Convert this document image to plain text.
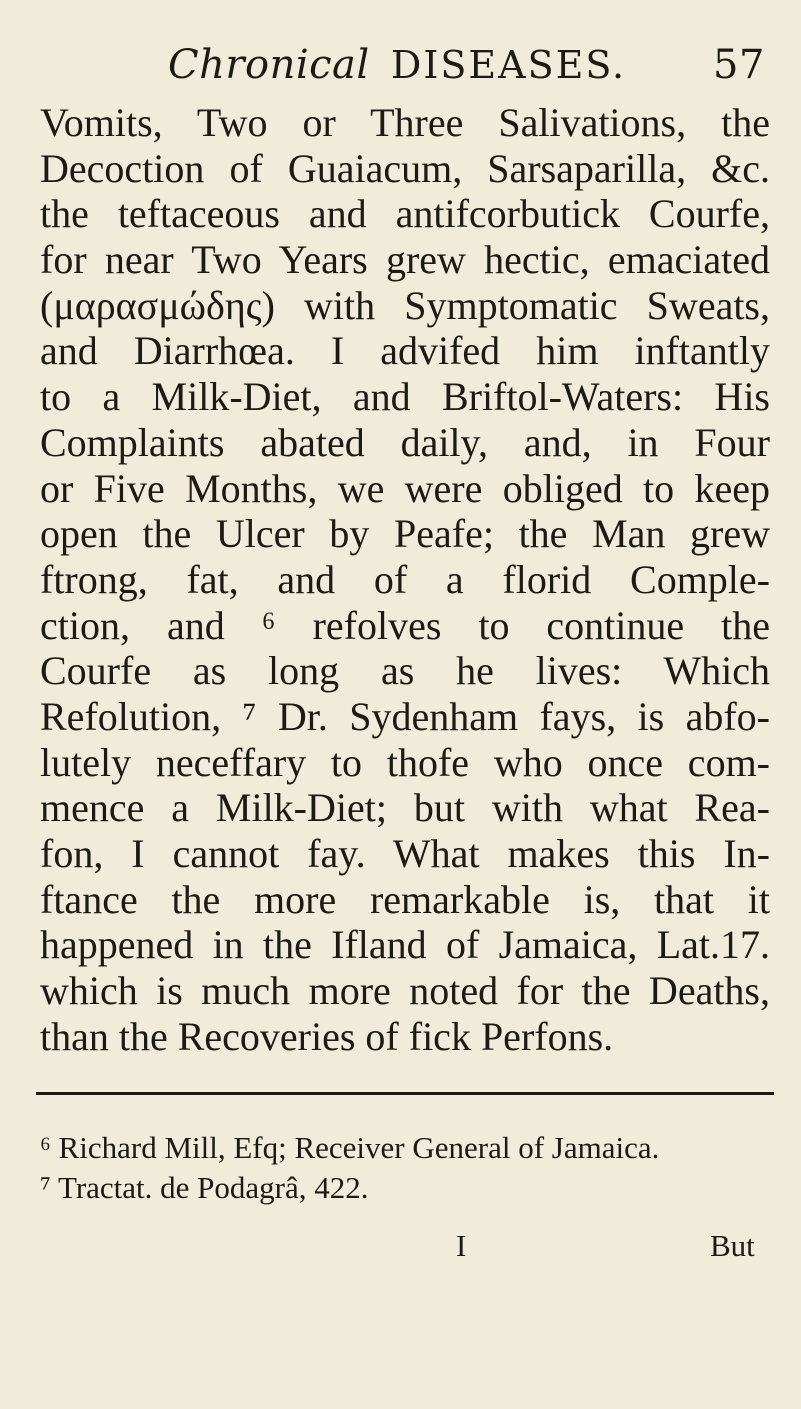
Chronical DISEASES. 57
Vomits, Two or Three Salivations, the
Decoction of Guaiacum, Sarsaparilla, &c.
the teftaceous and antifcorbutick Courfe,
for near Two Years grew hectic, emaciated
(μαρασμώδης) with Symptomatic Sweats,
and Diarrhœa. I advifed him inftantly
to a Milk-Diet, and Briftol-Waters: His
Complaints abated daily, and, in Four
or Five Months, we were obliged to keep
open the Ulcer by Peafe; the Man grew
ftrong, fat, and of a florid Comple-
ction, and ⁶ refolves to continue the
Courfe as long as he lives: Which
Refolution, ⁷ Dr. Sydenham fays, is abfo-
lutely neceffary to thofe who once com-
mence a Milk-Diet; but with what Rea-
fon, I cannot fay. What makes this In-
ftance the more remarkable is, that it
happened in the Ifland of Jamaica, Lat.17.
which is much more noted for the Deaths,
than the Recoveries of fick Perfons.
⁶ Richard Mill, Efq; Receiver General of Jamaica.
⁷ Tractat. de Podagrâ, 422.
I	But
